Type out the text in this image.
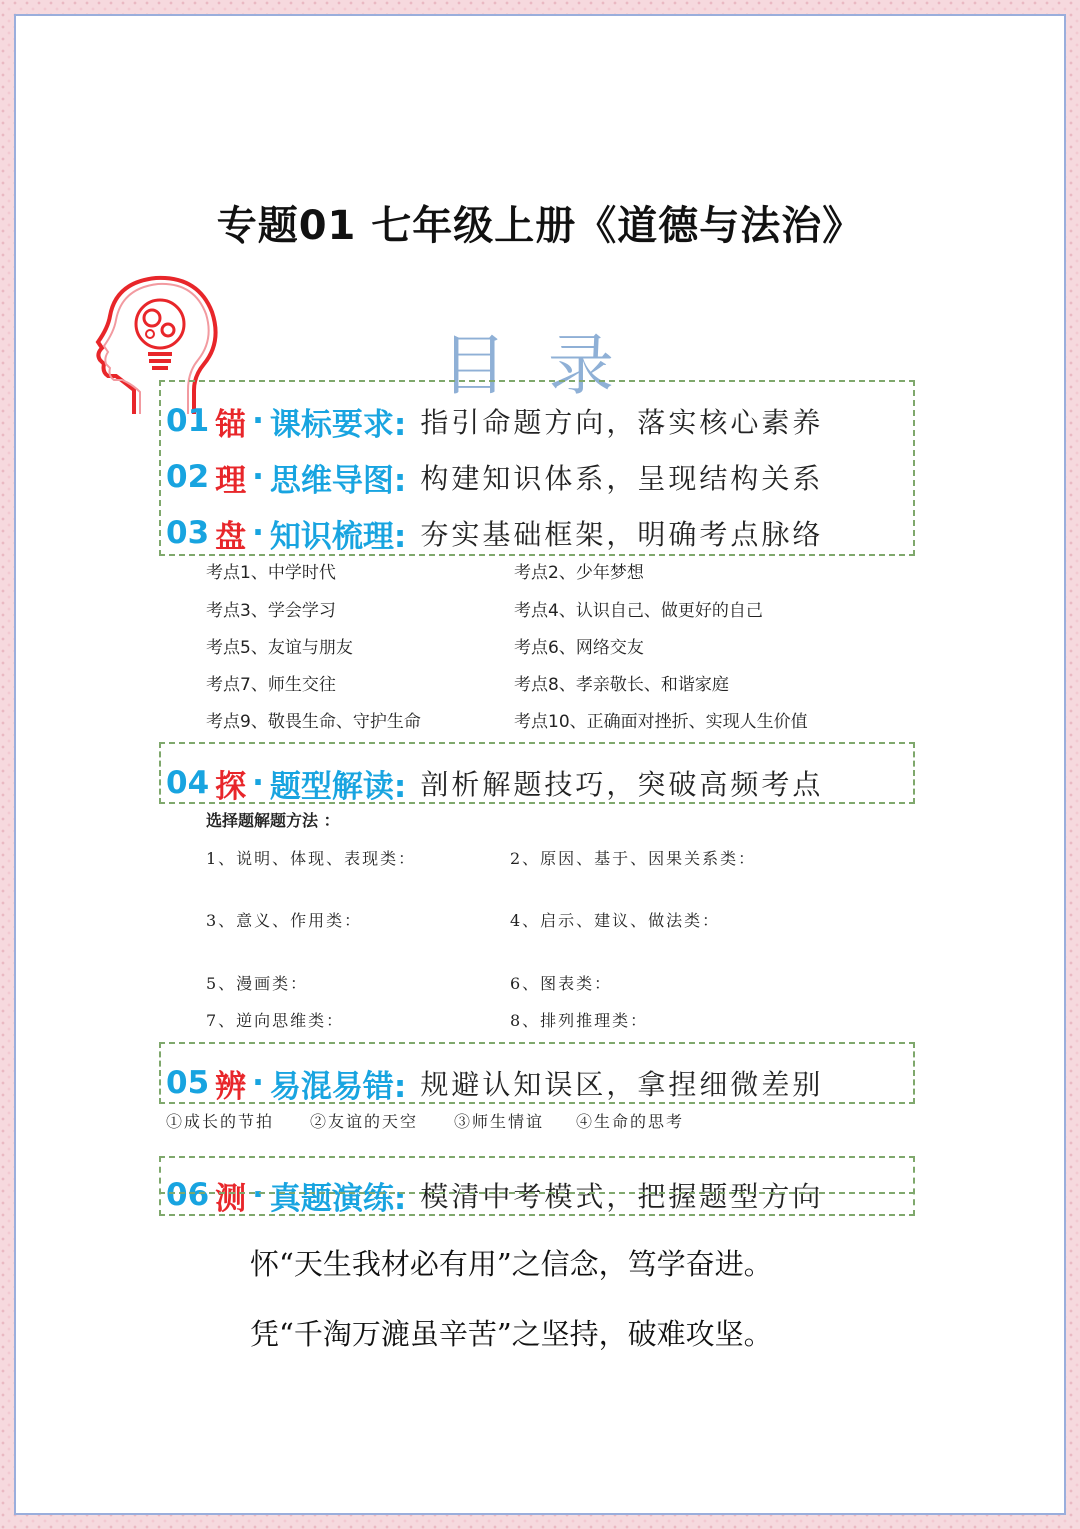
专题01 七年级上册《道德与法治》
目 录
01 锚 · 课标要求: 指引命题方向，落实核心素养
02 理 · 思维导图: 构建知识体系，呈现结构关系
03 盘 · 知识梳理: 夯实基础框架，明确考点脉络
考点1、中学时代	考点2、少年梦想
考点3、学会学习	考点4、认识自己、做更好的自己
考点5、友谊与朋友	考点6、网络交友
考点7、师生交往	考点8、孝亲敬长、和谐家庭
考点9、敬畏生命、守护生命	考点10、正确面对挫折、实现人生价值
04 探 · 题型解读: 剖析解题技巧，突破高频考点
选择题解题方法 ：
1、说明、体现、表现类：	2、原因、基于、因果关系类：
3、意义、作用类：	4、启示、建议、做法类：
5、漫画类：	6、图表类：
7、逆向思维类：	8、排列推理类：
05 辨 · 易混易错: 规避认知误区，拿捏细微差别
①成长的节拍 ②友谊的天空 ③师生情谊 ④生命的思考
06 测 · 真题演练: 模清中考模式，把握题型方向
怀“天生我材必有用”之信念，笃学奋进。
凭“千淘万漉虽辛苦”之坚持，破难攻坚。
